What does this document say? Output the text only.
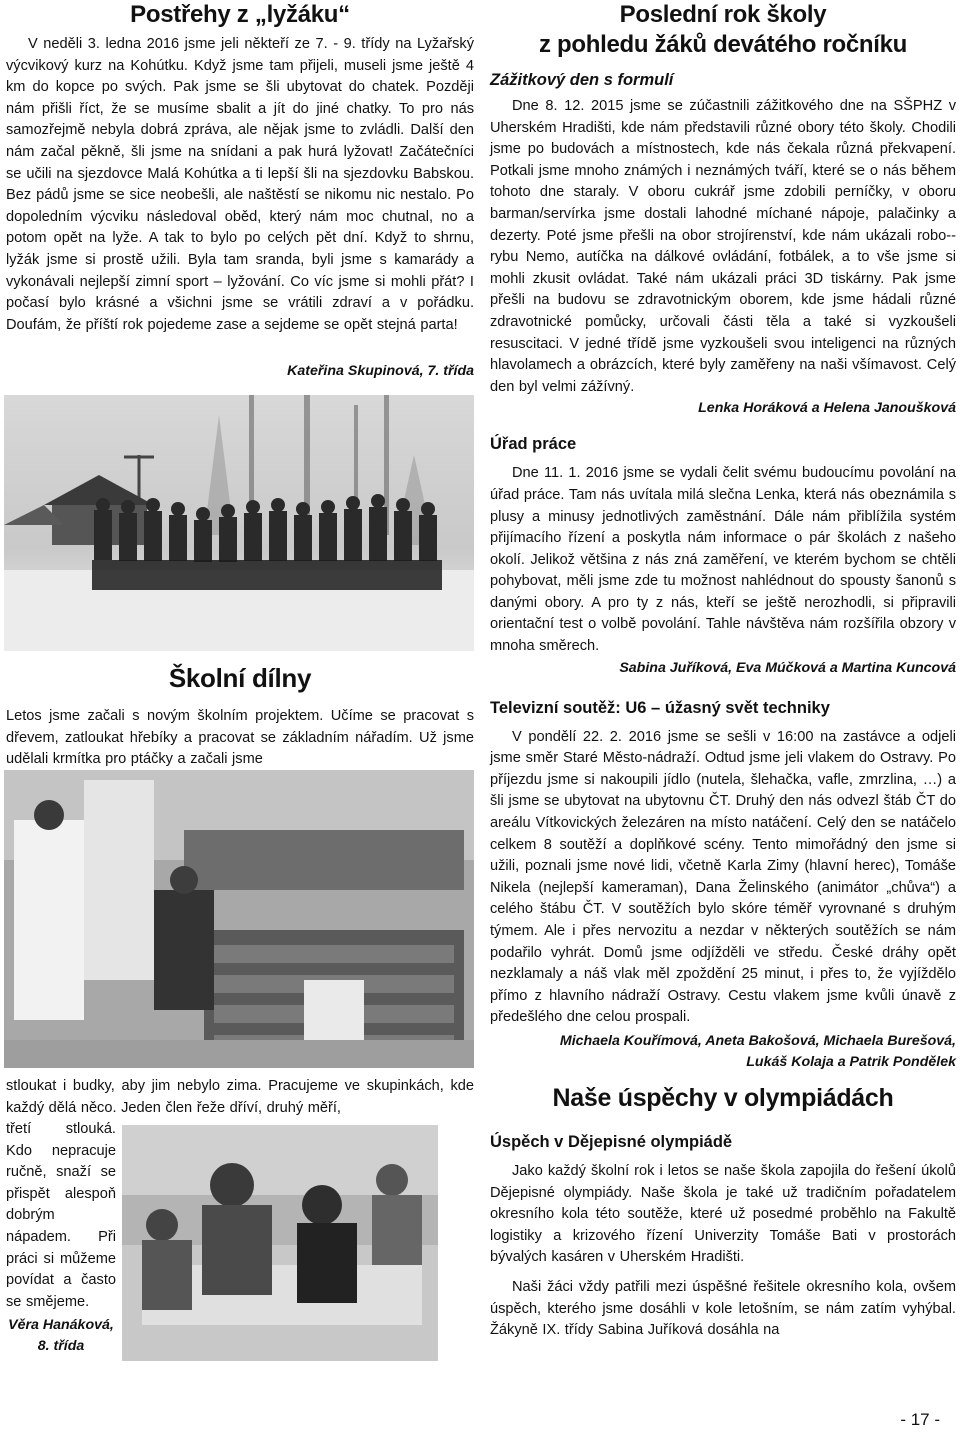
Postřehy z „lyžáku“

V neděli 3. ledna 2016 jsme jeli někteří ze 7. - 9. třídy na Lyžařský výcvikový kurz na Kohútku. Když jsme tam přijeli, museli jsme ještě 4 km do kopce po svých. Pak jsme se šli ubytovat do chatek. Později nám přišli říct, že se musíme sbalit a jít do jiné chatky. To pro nás samozřejmě nebyla dobrá zpráva, ale nějak jsme to zvládli. Další den nám začal pěkně, šli jsme na snídani a pak hurá lyžovat! Začátečníci se učili na sjezdovce Malá Kohútka a ti lepší šli na sjezdovku Babskou. Bez pádů jsme se sice neobešli, ale naštěstí se nikomu nic nestalo. Po dopoledním výcviku následoval oběd, který nám moc chutnal, no a potom opět na lyže. A tak to bylo po celých pět dní. Když to shrnu, lyžák jsme si prostě užili. Byla tam sranda, byli jsme s kamarády a vykonávali nejlepší zimní sport – lyžování. Co víc jsme si mohli přát? I počasí bylo krásné a všichni jsme se vrátili zdraví a v pořádku. Doufám, že příští rok pojedeme zase a sejdeme se opět stejná parta!

Kateřina Skupinová, 7. třída

Školní dílny

Letos jsme začali s novým školním projektem. Učíme se pracovat s dřevem, zatloukat hřebíky a pracovat se základním nářadím. Už jsme udělali krmítka pro ptáčky a začali jsme

stloukat i budky, aby jim nebylo zima. Pracujeme ve skupinkách, kde každý dělá něco. Jeden člen řeže dříví, druhý měří,

třetí stlouká. Kdo nepracuje ručně, snaží se přispět alespoň dobrým nápadem. Při práci si můžeme povídat a často se smějeme.

Věra Hanáková, 8. třída

Poslední rok školy
z pohledu žáků devátého ročníku

Zážitkový den s formulí

Dne 8. 12. 2015 jsme se zúčastnili zážitkového dne na SŠPHZ v Uherském Hradišti, kde nám představili různé obory této školy. Chodili jsme po budovách a místnostech, kde nás čekala různá překvapení. Potkali jsme mnoho známých i neznámých tváří, které se o nás během tohoto dne staraly. V oboru cukrář jsme zdobili perníčky, v oboru barman/servírka jsme dostali lahodné míchané nápoje, palačinky a dezerty. Poté jsme přešli na obor strojírenství, kde nám ukázali robo--rybu Nemo, autíčka na dálkové ovládání, fotbálek, a to vše jsme si mohli zkusit ovládat. Také nám ukázali práci 3D tiskárny. Pak jsme přešli na budovu se zdravotnickým oborem, kde jsme hádali různé zdravotnické pomůcky, určovali části těla a také si vyzkoušeli resuscitaci. V jedné třídě jsme vyzkoušeli svou inteligenci na různých hlavolamech a obrázcích, které byly zaměřeny na naši všímavost. Celý den byl velmi zážívný.

Lenka Horáková a Helena Janoušková

Úřad práce

Dne 11. 1. 2016 jsme se vydali čelit svému budoucímu povolání na úřad práce. Tam nás uvítala milá slečna Lenka, která nás obeznámila s plusy a minusy jednotlivých zaměstnání. Dále nám přiblížila systém přijímacího řízení a poskytla nám informace o pár školách z našeho okolí. Jelikož většina z nás zná zaměření, ve kterém bychom se chtěli pohybovat, měli jsme zde tu možnost nahlédnout do spousty šanonů s danými obory. A pro ty z nás, kteří se ještě nerozhodli, si připravili orientační test o volbě povolání. Tahle návštěva nám rozšířila obzory v mnoha směrech.

Sabina Juříková, Eva Múčková a Martina Kuncová

Televizní soutěž: U6 – úžasný svět techniky

V pondělí 22. 2. 2016 jsme se sešli v 16:00 na zastávce a odjeli jsme směr Staré Město-nádraží. Odtud jsme jeli vlakem do Ostravy. Po příjezdu jsme si nakoupili jídlo (nutela, šlehačka, vafle, zmrzlina, …) a šli jsme se ubytovat na ubytovnu ČT. Druhý den nás odvezl štáb ČT do areálu Vítkovických železáren na místo natáčení. Celý den se natáčelo celkem 8 soutěží a doplňkové scény. Tento mimořádný den jsme si užili, poznali jsme nové lidi, včetně Karla Zimy (hlavní herec), Tomáše Nikela (nejlepší kameraman), Dana Želinského (animátor „chůva“) a celého štábu ČT. V soutěžích bylo skóre téměř vyrovnané s druhým týmem. Ale i přes nervozitu a nezdar v některých soutěžích se nám podařilo vyhrát. Domů jsme odjížděli ve středu. České dráhy opět nezklamaly a náš vlak měl zpoždění 25 minut, i přes to, že vyjíždělo přímo z hlavního nádraží Ostravy. Cestu vlakem jsme kvůli únavě z předešlého dne celou prospali.

Michaela Kouřímová, Aneta Bakošová, Michaela Burešová,

Lukáš Kolaja a Patrik Pondělek

Naše úspěchy v olympiádách

Úspěch v Dějepisné olympiádě

Jako každý školní rok i letos se naše škola zapojila do řešení úkolů Dějepisné olympiády. Naše škola je také už tradičním pořadatelem okresního kola této soutěže, které už posedmé proběhlo na Fakultě logistiky a krizového řízení Univerzity Tomáše Bati v prostorách bývalých kasáren v Uherském Hradišti.

Naši žáci vždy patřili mezi úspěšné řešitele okresního kola, ovšem úspěch, kterého jsme dosáhli v kole letošním, se nám zatím vyhýbal. Žákyně IX. třídy Sabina Juříková dosáhla na

- 17 -
